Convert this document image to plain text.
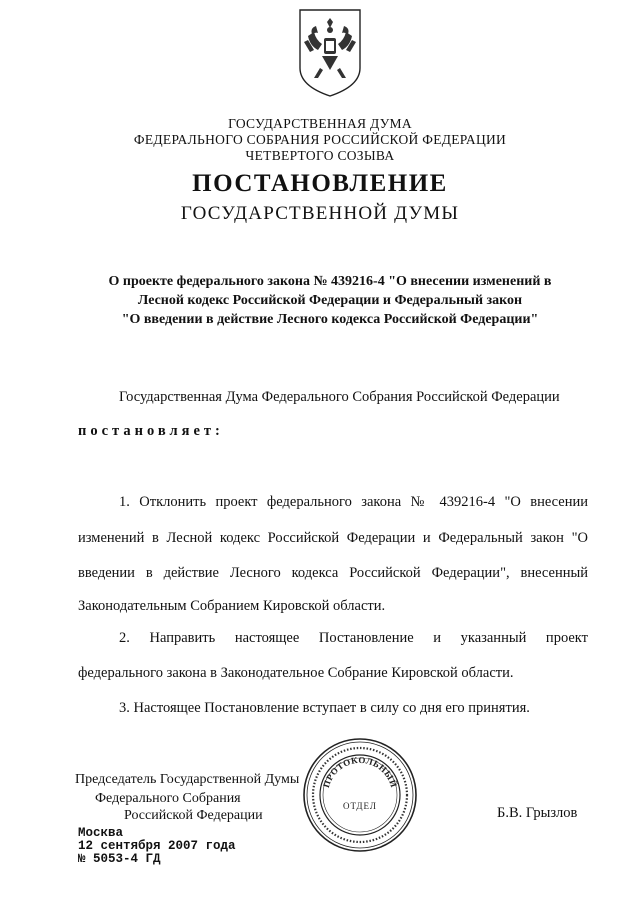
ГОСУДАРСТВЕННАЯ ДУМА
ФЕДЕРАЛЬНОГО СОБРАНИЯ РОССИЙСКОЙ ФЕДЕРАЦИИ
ЧЕТВЕРТОГО СОЗЫВА
ПОСТАНОВЛЕНИЕ
ГОСУДАРСТВЕННОЙ ДУМЫ
О проекте федерального закона № 439216-4 "О внесении изменений в
Лесной кодекс Российской Федерации и Федеральный закон
"О введении в действие Лесного кодекса Российской Федерации"
Государственная Дума Федерального Собрания Российской Федерации
постановляет:
1. Отклонить проект федерального закона № 439216-4 "О внесении
изменений в Лесной кодекс Российской Федерации и Федеральный закон "О
введении в действие Лесного кодекса Российской Федерации", внесенный
Законодательным Собранием Кировской области.
2. Направить настоящее Постановление и указанный проект
федерального закона в Законодательное Собрание Кировской области.
3. Настоящее Постановление вступает в силу со дня его принятия.
Председатель Государственной Думы
Федерального Собрания
Российской Федерации	Б.В. Грызлов
Москва
12 сентября 2007 года
№ 5053-4 ГД
ПРОТОКОЛЬНЫЙ
ОТДЕЛ
